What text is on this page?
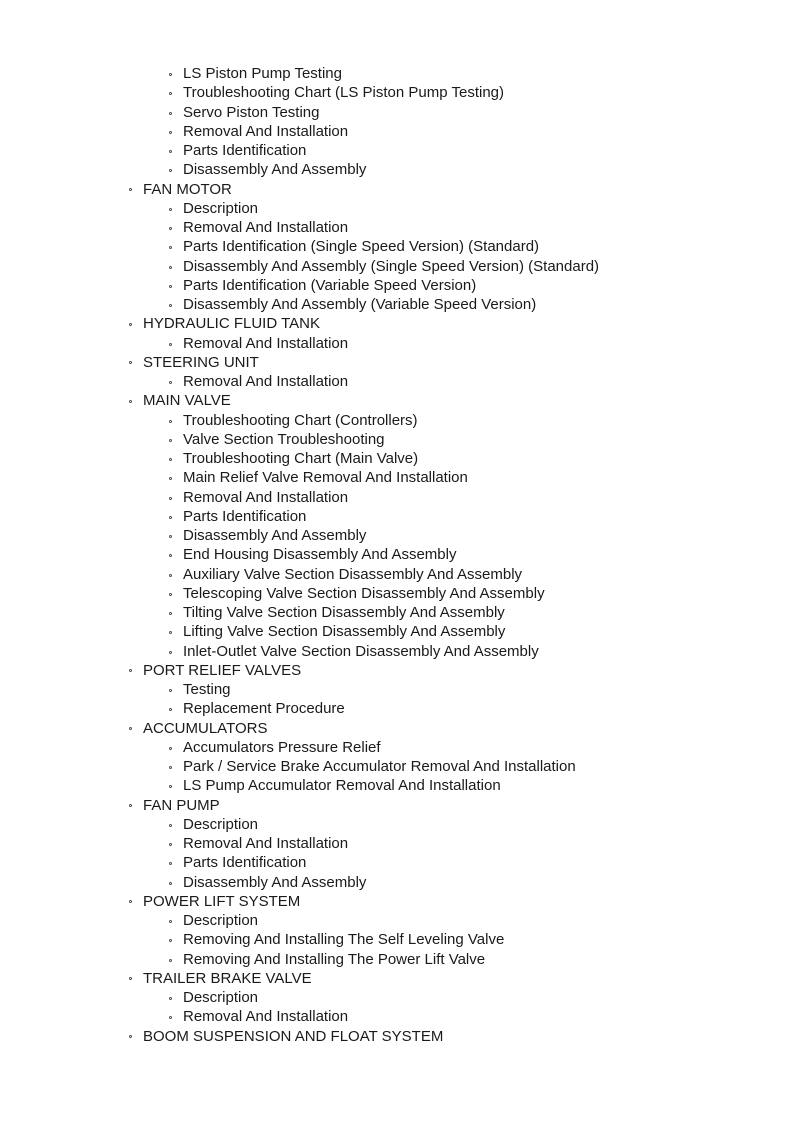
LS Piston Pump Testing
Troubleshooting Chart (LS Piston Pump Testing)
Servo Piston Testing
Removal And Installation
Parts Identification
Disassembly And Assembly
FAN MOTOR
Description
Removal And Installation
Parts Identification (Single Speed Version) (Standard)
Disassembly And Assembly (Single Speed Version) (Standard)
Parts Identification (Variable Speed Version)
Disassembly And Assembly (Variable Speed Version)
HYDRAULIC FLUID TANK
Removal And Installation
STEERING UNIT
Removal And Installation
MAIN VALVE
Troubleshooting Chart (Controllers)
Valve Section Troubleshooting
Troubleshooting Chart (Main Valve)
Main Relief Valve Removal And Installation
Removal And Installation
Parts Identification
Disassembly And Assembly
End Housing Disassembly And Assembly
Auxiliary Valve Section Disassembly And Assembly
Telescoping Valve Section Disassembly And Assembly
Tilting Valve Section Disassembly And Assembly
Lifting Valve Section Disassembly And Assembly
Inlet-Outlet Valve Section Disassembly And Assembly
PORT RELIEF VALVES
Testing
Replacement Procedure
ACCUMULATORS
Accumulators Pressure Relief
Park / Service Brake Accumulator Removal And Installation
LS Pump Accumulator Removal And Installation
FAN PUMP
Description
Removal And Installation
Parts Identification
Disassembly And Assembly
POWER LIFT SYSTEM
Description
Removing And Installing The Self Leveling Valve
Removing And Installing The Power Lift Valve
TRAILER BRAKE VALVE
Description
Removal And Installation
BOOM SUSPENSION AND FLOAT SYSTEM
